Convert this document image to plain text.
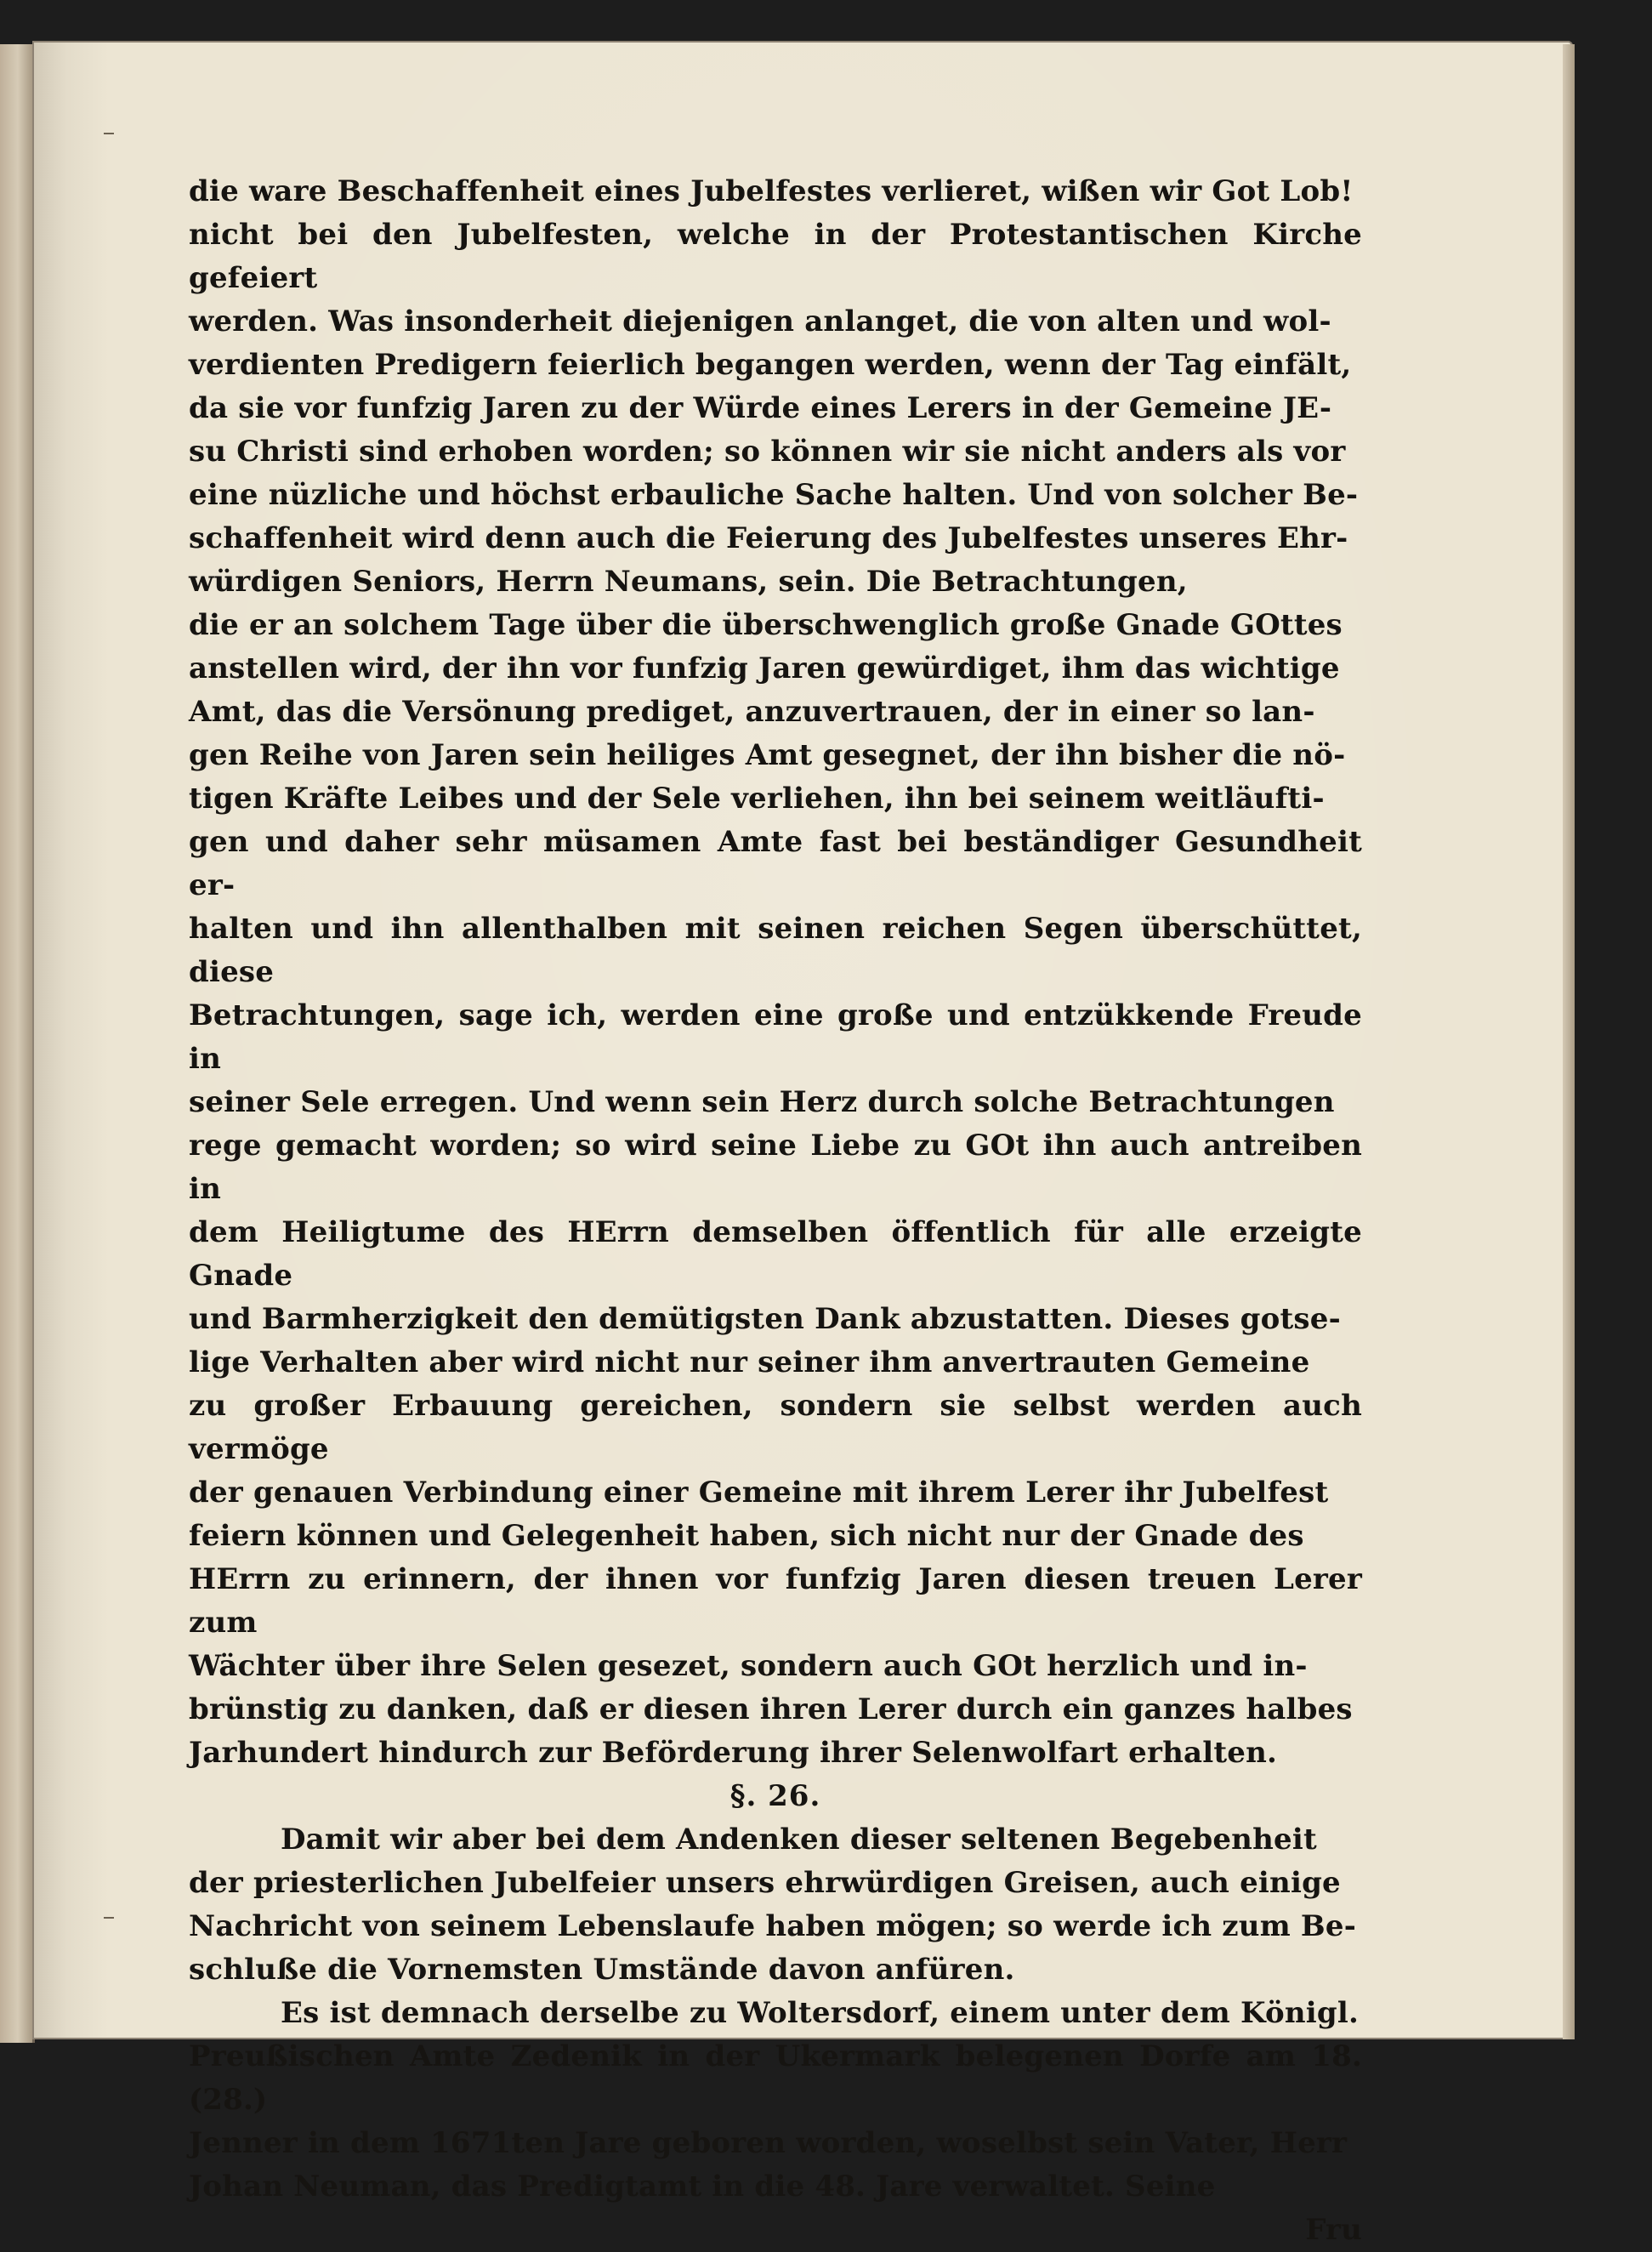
die ware Beschaffenheit eines Jubelfestes verlieret, wißen wir Got Lob!
nicht bei den Jubelfesten, welche in der Protestantischen Kirche gefeiert
werden. Was insonderheit diejenigen anlanget, die von alten und wol-
verdienten Predigern feierlich begangen werden, wenn der Tag einfält,
da sie vor funfzig Jaren zu der Würde eines Lerers in der Gemeine JE-
su Christi sind erhoben worden; so können wir sie nicht anders als vor
eine nüzliche und höchst erbauliche Sache halten. Und von solcher Be-
schaffenheit wird denn auch die Feierung des Jubelfestes unseres Ehr-
würdigen Seniors, Herrn Neumans, sein. Die Betrachtungen,
die er an solchem Tage über die überschwenglich große Gnade GOttes
anstellen wird, der ihn vor funfzig Jaren gewürdiget, ihm das wichtige
Amt, das die Versönung prediget, anzuvertrauen, der in einer so lan-
gen Reihe von Jaren sein heiliges Amt gesegnet, der ihn bisher die nö-
tigen Kräfte Leibes und der Sele verliehen, ihn bei seinem weitläufti-
gen und daher sehr müsamen Amte fast bei beständiger Gesundheit er-
halten und ihn allenthalben mit seinen reichen Segen überschüttet, diese
Betrachtungen, sage ich, werden eine große und entzükkende Freude in
seiner Sele erregen. Und wenn sein Herz durch solche Betrachtungen
rege gemacht worden; so wird seine Liebe zu GOt ihn auch antreiben in
dem Heiligtume des HErrn demselben öffentlich für alle erzeigte Gnade
und Barmherzigkeit den demütigsten Dank abzustatten. Dieses gotse-
lige Verhalten aber wird nicht nur seiner ihm anvertrauten Gemeine
zu großer Erbauung gereichen, sondern sie selbst werden auch vermöge
der genauen Verbindung einer Gemeine mit ihrem Lerer ihr Jubelfest
feiern können und Gelegenheit haben, sich nicht nur der Gnade des
HErrn zu erinnern, der ihnen vor funfzig Jaren diesen treuen Lerer zum
Wächter über ihre Selen gesezet, sondern auch GOt herzlich und in-
brünstig zu danken, daß er diesen ihren Lerer durch ein ganzes halbes
Jarhundert hindurch zur Beförderung ihrer Selenwolfart erhalten.

§. 26.

Damit wir aber bei dem Andenken dieser seltenen Begebenheit
der priesterlichen Jubelfeier unsers ehrwürdigen Greisen, auch einige
Nachricht von seinem Lebenslaufe haben mögen; so werde ich zum Be-
schluße die Vornemsten Umstände davon anfüren.

Es ist demnach derselbe zu Woltersdorf, einem unter dem Königl.
Preußischen Amte Zedenik in der Ukermark belegenen Dorfe am 18. (28.)
Jenner in dem 1671ten Jare geboren worden, woselbst sein Vater, Herr
Johan Neuman, das Predigtamt in die 48. Jare verwaltet. Seine

Fru
